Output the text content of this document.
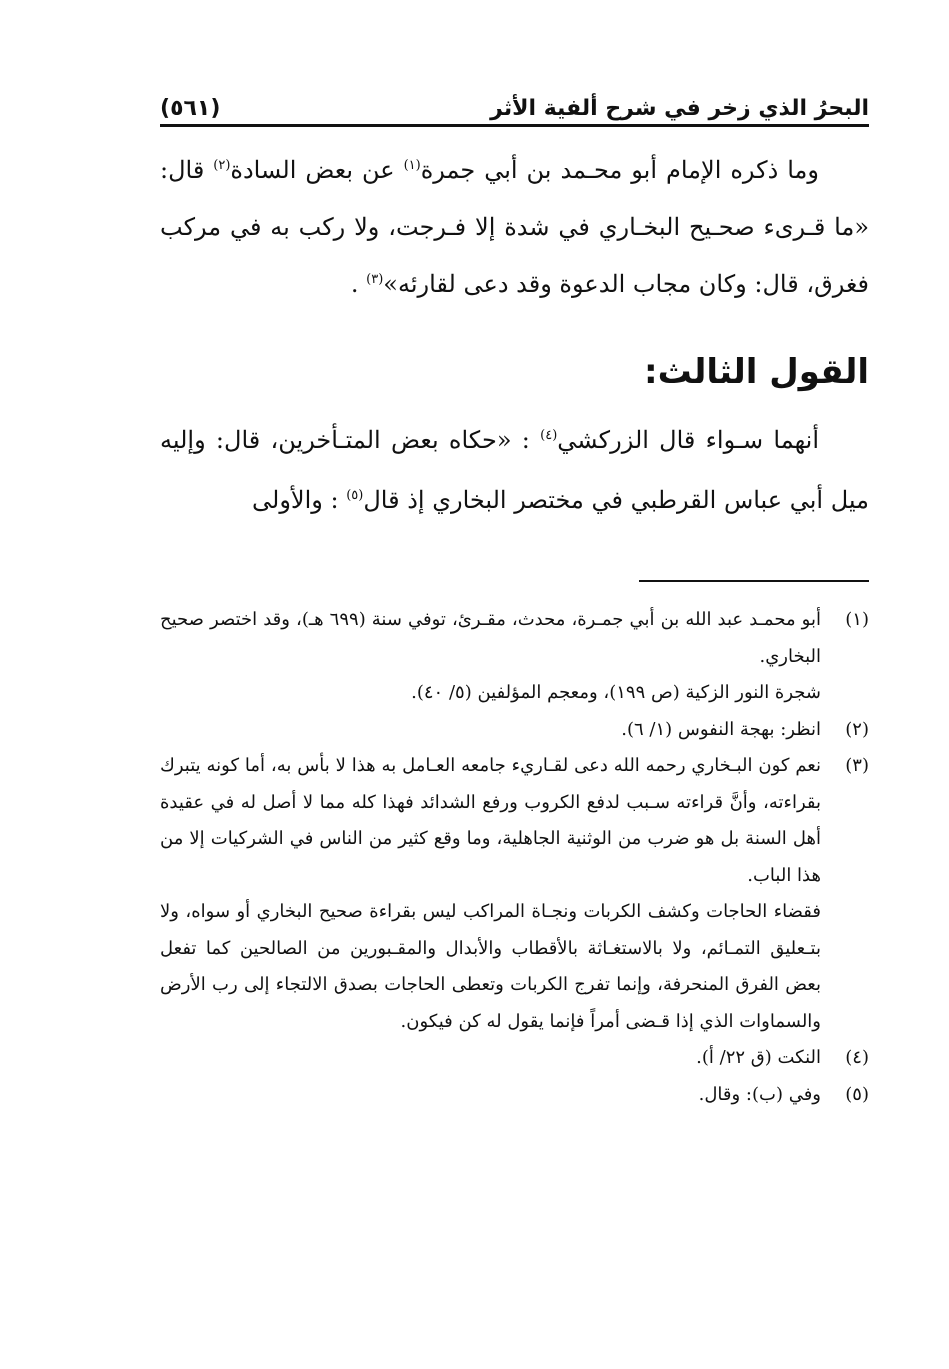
البحرُ الذي زخر في شرح ألفية الأثر
(٥٦١)

وما ذكره الإمام أبو محـمد بن أبي جمرة$^{(١)}$ عن بعض السادة$^{(٢)}$ قال: «ما قـرىء صحـيح البخـاري في شدة إلا فـرجت، ولا ركب به في مركب فغرق، قال: وكان مجاب الدعوة وقد دعى لقارئه»$^{(٣)}$ .

القول الثالث:

أنهما سـواء قال الزركشي$^{(٤)}$ : «حكاه بعض المتـأخرين، قال: وإليه ميل أبي عباس القرطبي في مختصر البخاري إذ قال$^{(٥)}$ : والأولى

(١)
أبو محمـد عبد الله بن أبي جمـرة، محدث، مقـرئ، توفي سنة (٦٩٩ هـ)، وقد اختصر صحيح البخاري.
شجرة النور الزكية (ص ١٩٩)، ومعجم المؤلفين (٥/ ٤٠).
(٢)
انظر: بهجة النفوس (١/ ٦).
(٣)
نعم كون البـخاري رحمه الله دعى لقـاريء جامعه العـامل به هذا لا بأس به، أما كونه يتبرك بقراءته، وأنَّ قراءته سـبب لدفع الكروب ورفع الشدائد فهذا كله مما لا أصل له في عقيدة أهل السنة بل هو ضرب من الوثنية الجاهلية، وما وقع كثير من الناس في الشركيات إلا من هذا الباب.
فقضاء الحاجات وكشف الكربات ونجـاة المراكب ليس بقراءة صحيح البخاري أو سواه، ولا بتـعليق التمـائم، ولا بالاستغـاثة بالأقطاب والأبدال والمقـبورين من الصالحين كما تفعل بعض الفرق المنحرفة، وإنما تفرج الكربات وتعطى الحاجات بصدق الالتجاء إلى رب الأرض والسماوات الذي إذا قـضى أمراً فإنما يقول له كن فيكون.
(٤)
النكت (ق ٢٢/ أ).
(٥)
وفي (ب): وقال.
